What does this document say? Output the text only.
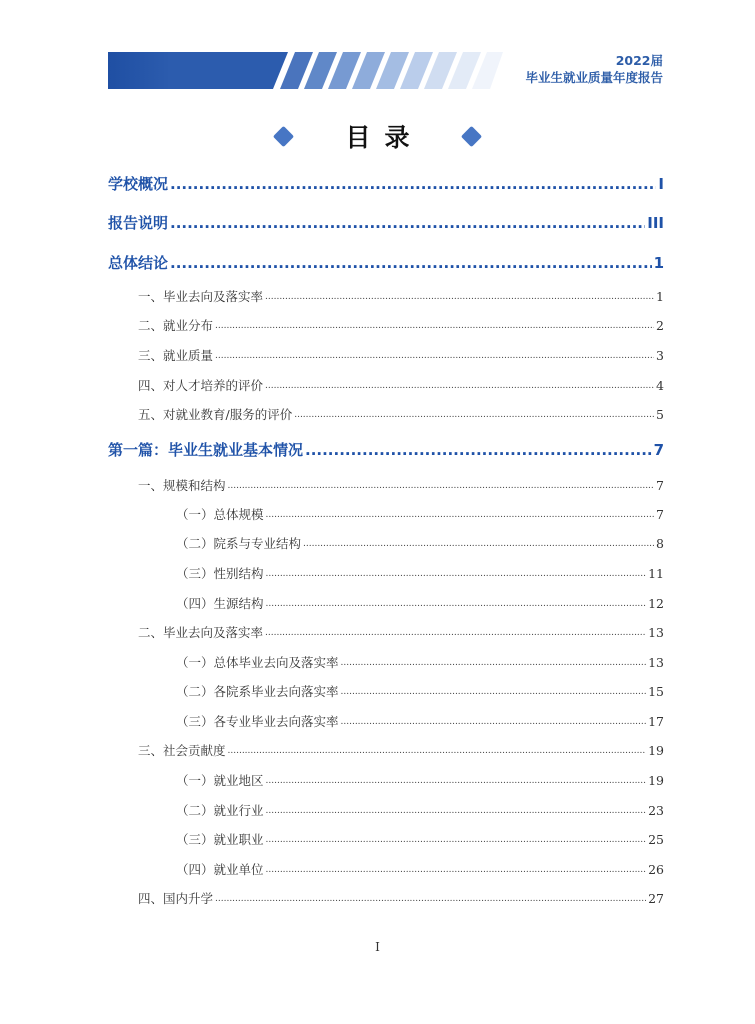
2022届
毕业生就业质量年度报告
目录
学校概况 .....	I
报告说明 .....	III
总体结论 .....	1
一、毕业去向及落实率 .....	1
二、就业分布 .....	2
三、就业质量 .....	3
四、对人才培养的评价 .....	4
五、对就业教育/服务的评价 .....	5
第一篇：毕业生就业基本情况 .....	7
一、规模和结构 .....	7
（一）总体规模 .....	7
（二）院系与专业结构 .....	8
（三）性别结构 .....	11
（四）生源结构 .....	12
二、毕业去向及落实率 .....	13
（一）总体毕业去向及落实率 .....	13
（二）各院系毕业去向落实率 .....	15
（三）各专业毕业去向落实率 .....	17
三、社会贡献度 .....	19
（一）就业地区 .....	19
（二）就业行业 .....	23
（三）就业职业 .....	25
（四）就业单位 .....	26
四、国内升学 .....	27
I
